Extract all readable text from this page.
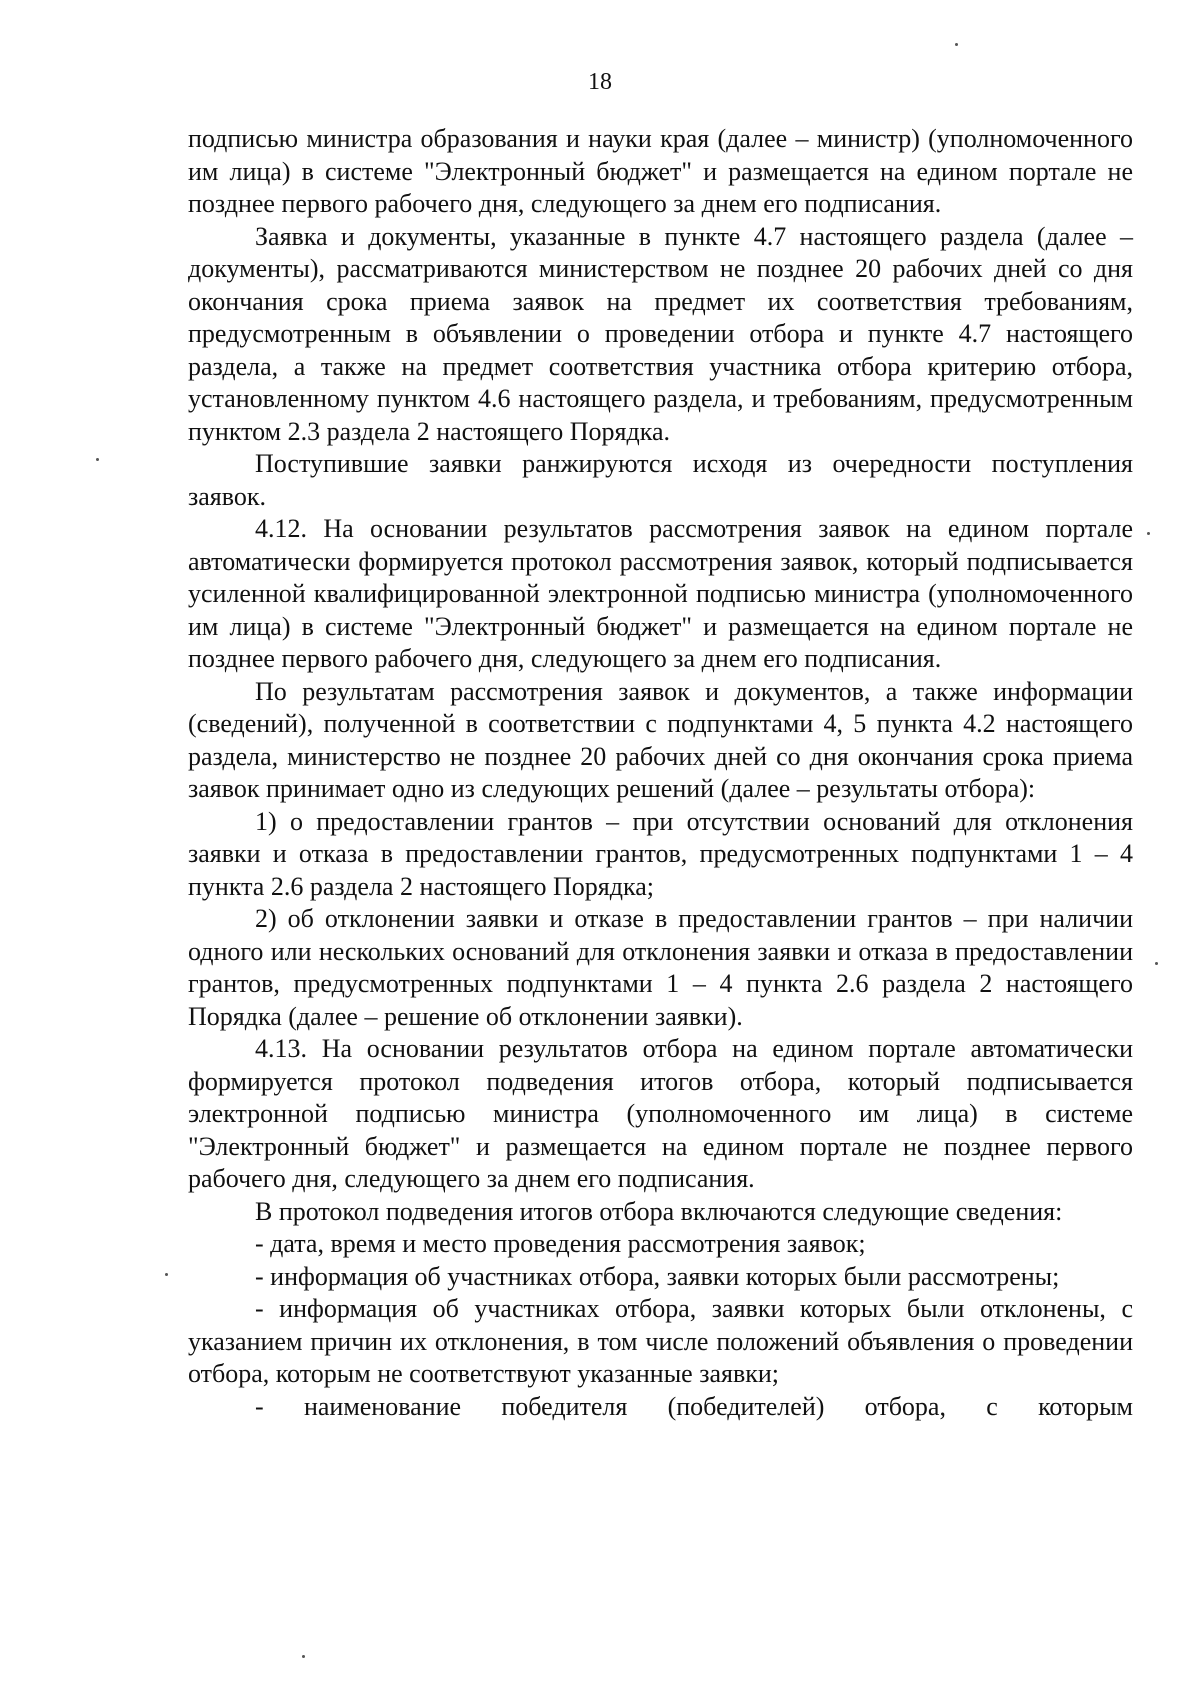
18

подписью министра образования и науки края (далее – министр) (уполномоченного им лица) в системе "Электронный бюджет" и размещается на едином портале не позднее первого рабочего дня, следующего за днем его подписания.

Заявка и документы, указанные в пункте 4.7 настоящего раздела (далее – документы), рассматриваются министерством не позднее 20 рабочих дней со дня окончания срока приема заявок на предмет их соответствия требованиям, предусмотренным в объявлении о проведении отбора и пункте 4.7 настоящего раздела, а также на предмет соответствия участника отбора критерию отбора, установленному пунктом 4.6 настоящего раздела, и требованиям, предусмотренным пунктом 2.3 раздела 2 настоящего Порядка.

Поступившие заявки ранжируются исходя из очередности поступления заявок.

4.12. На основании результатов рассмотрения заявок на едином портале автоматически формируется протокол рассмотрения заявок, который подписывается усиленной квалифицированной электронной подписью министра (уполномоченного им лица) в системе "Электронный бюджет" и размещается на едином портале не позднее первого рабочего дня, следующего за днем его подписания.

По результатам рассмотрения заявок и документов, а также информации (сведений), полученной в соответствии с подпунктами 4, 5 пункта 4.2 настоящего раздела, министерство не позднее 20 рабочих дней со дня окончания срока приема заявок принимает одно из следующих решений (далее – результаты отбора):

1) о предоставлении грантов – при отсутствии оснований для отклонения заявки и отказа в предоставлении грантов, предусмотренных подпунктами 1 – 4 пункта 2.6 раздела 2 настоящего Порядка;

2) об отклонении заявки и отказе в предоставлении грантов – при наличии одного или нескольких оснований для отклонения заявки и отказа в предоставлении грантов, предусмотренных подпунктами 1 – 4 пункта 2.6 раздела 2 настоящего Порядка (далее – решение об отклонении заявки).

4.13. На основании результатов отбора на едином портале автоматически формируется протокол подведения итогов отбора, который подписывается электронной подписью министра (уполномоченного им лица) в системе "Электронный бюджет" и размещается на едином портале не позднее первого рабочего дня, следующего за днем его подписания.

В протокол подведения итогов отбора включаются следующие сведения:

- дата, время и место проведения рассмотрения заявок;

- информация об участниках отбора, заявки которых были рассмотрены;

- информация об участниках отбора, заявки которых были отклонены, с указанием причин их отклонения, в том числе положений объявления о проведении отбора, которым не соответствуют указанные заявки;

- наименование победителя (победителей) отбора, с которым
